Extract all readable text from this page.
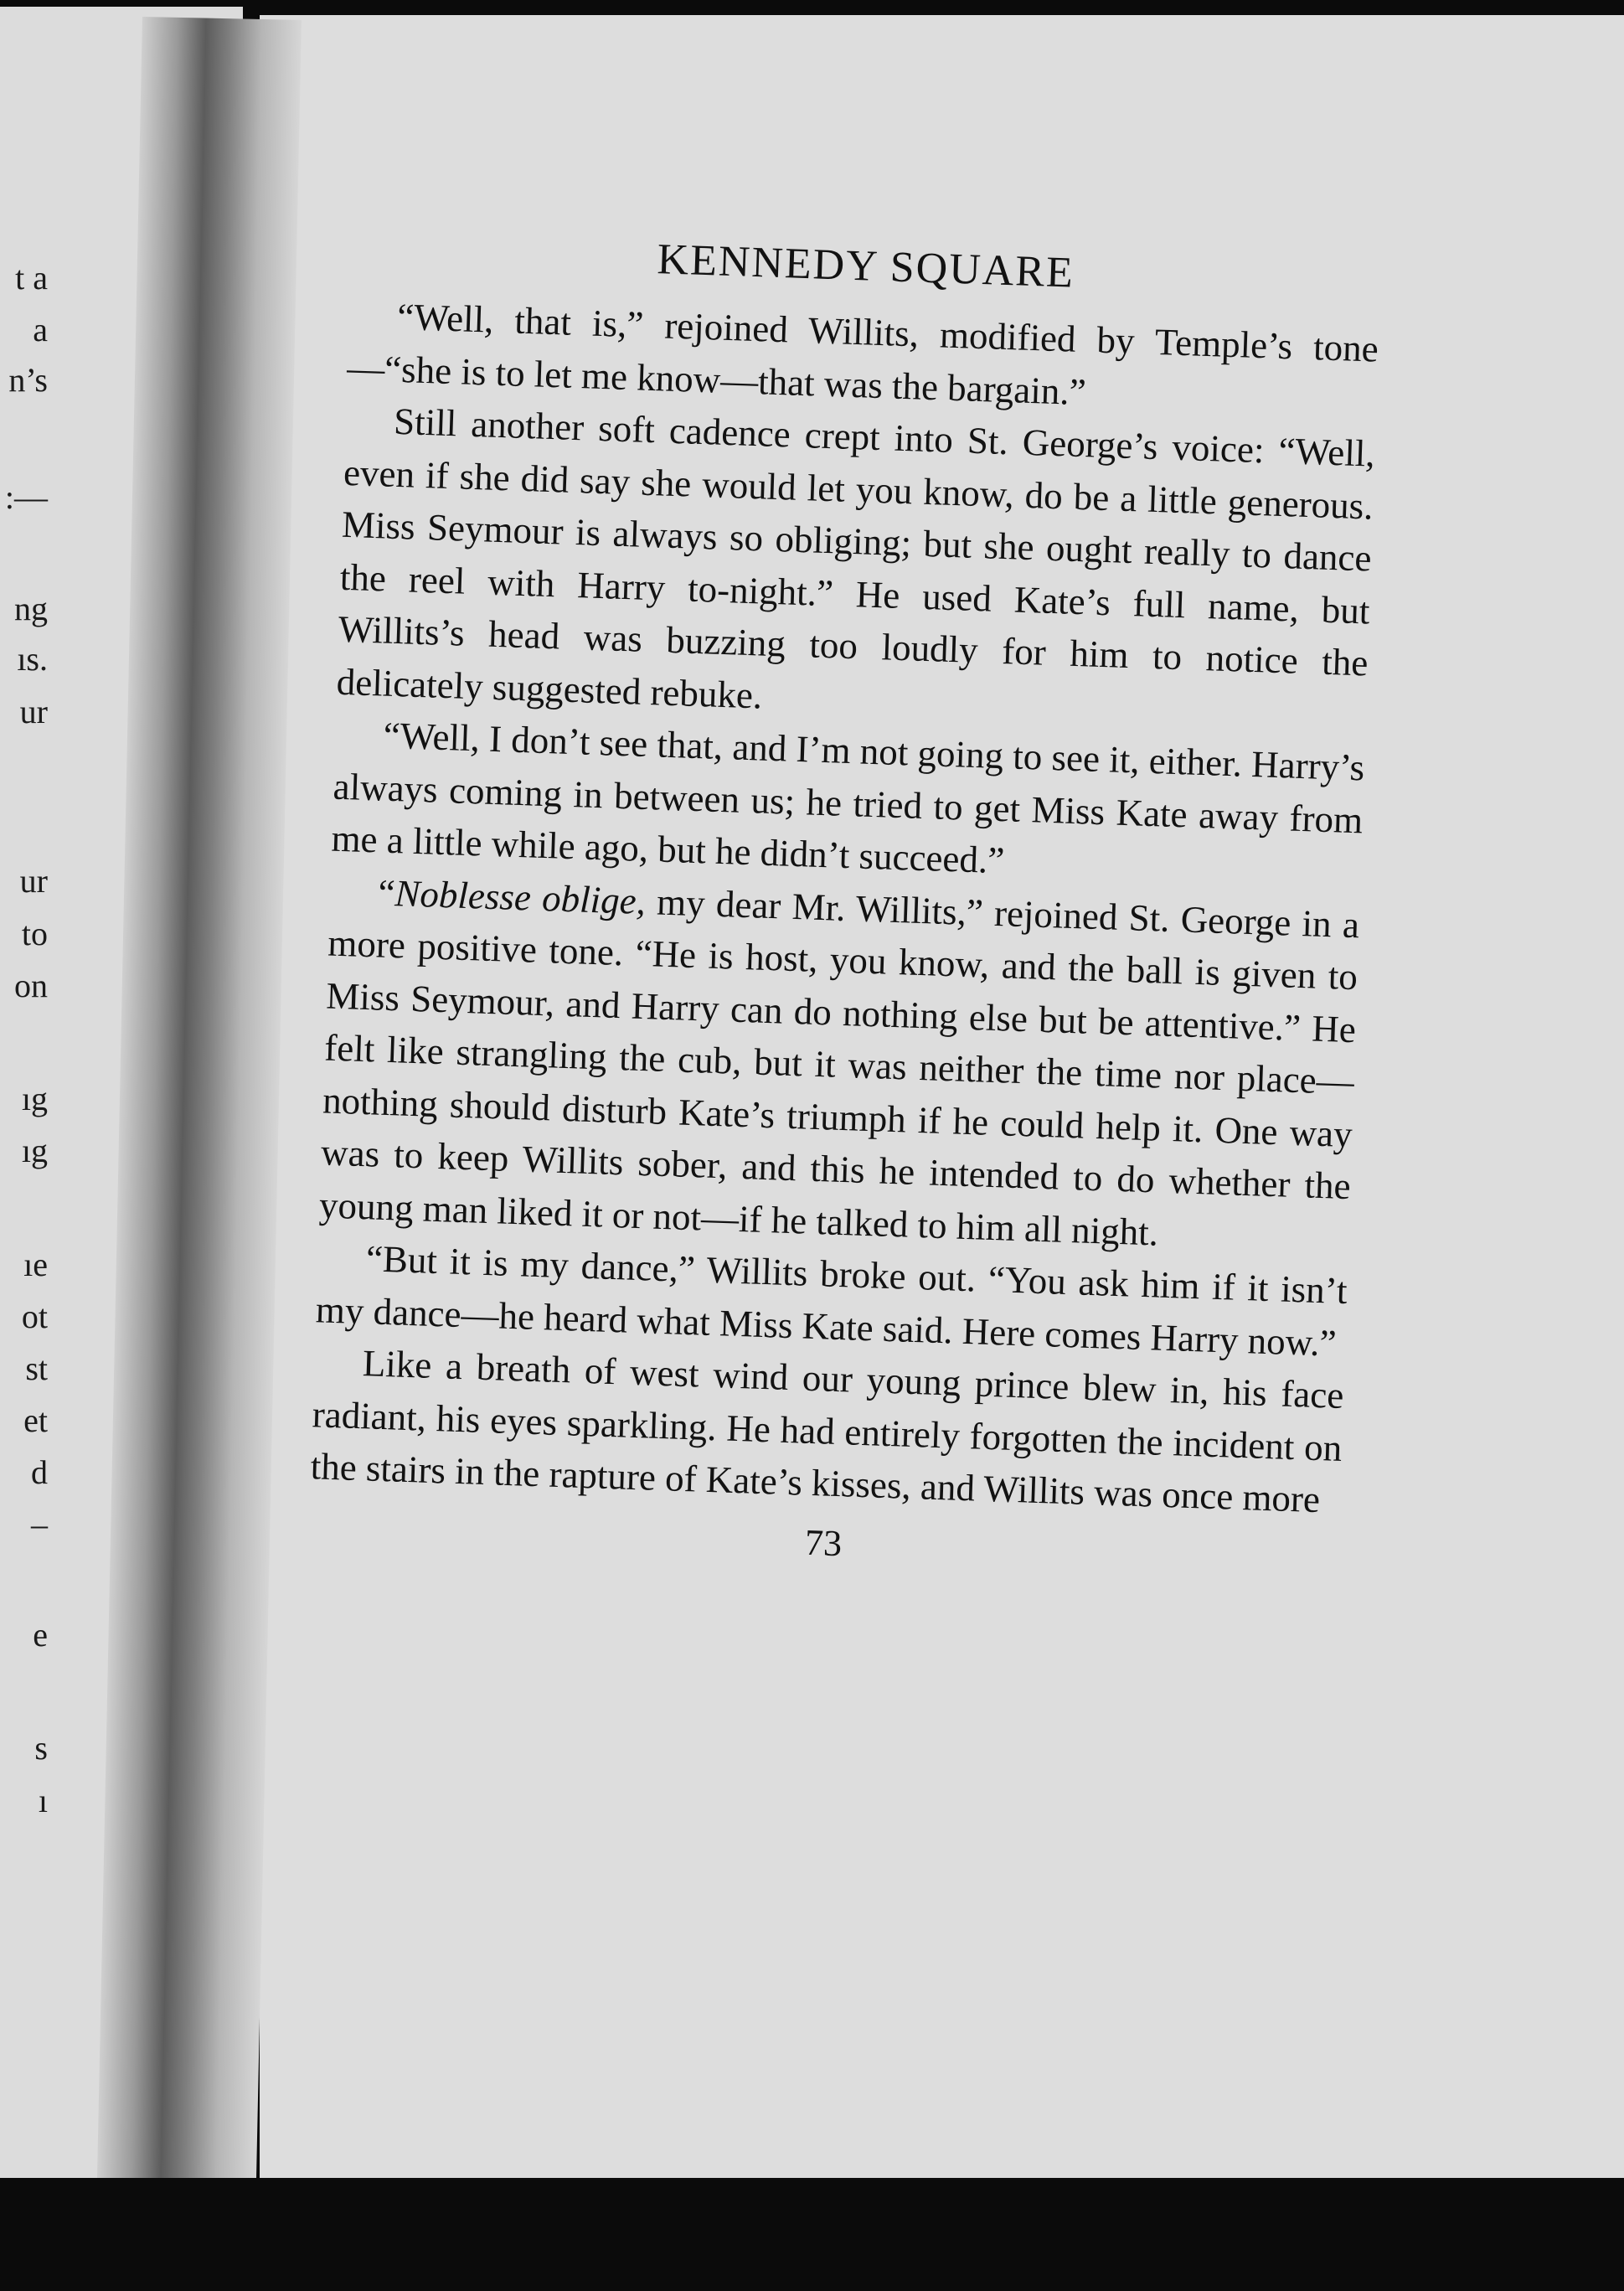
t a
a
n’s
:—
ng
ıs.
ur
ur
to
on
ıg
ıg
ıe
ot
st
et
d
–
e
s
ı
KENNEDY SQUARE

“Well, that is,” rejoined Willits, modified by Temple’s tone—“she is to let me know—that was the bargain.”

Still another soft cadence crept into St. George’s voice: “Well, even if she did say she would let you know, do be a little generous. Miss Seymour is always so obliging; but she ought really to dance the reel with Harry to-night.” He used Kate’s full name, but Willits’s head was buzzing too loudly for him to notice the delicately suggested rebuke.

“Well, I don’t see that, and I’m not going to see it, either. Harry’s always coming in between us; he tried to get Miss Kate away from me a little while ago, but he didn’t succeed.”

“Noblesse oblige, my dear Mr. Willits,” rejoined St. George in a more positive tone. “He is host, you know, and the ball is given to Miss Seymour, and Harry can do nothing else but be attentive.” He felt like strangling the cub, but it was neither the time nor place—nothing should disturb Kate’s triumph if he could help it. One way was to keep Willits sober, and this he intended to do whether the young man liked it or not—if he talked to him all night.

“But it is my dance,” Willits broke out. “You ask him if it isn’t my dance—he heard what Miss Kate said. Here comes Harry now.”

Like a breath of west wind our young prince blew in, his face radiant, his eyes sparkling. He had entirely forgotten the incident on the stairs in the rapture of Kate’s kisses, and Willits was once more

73
